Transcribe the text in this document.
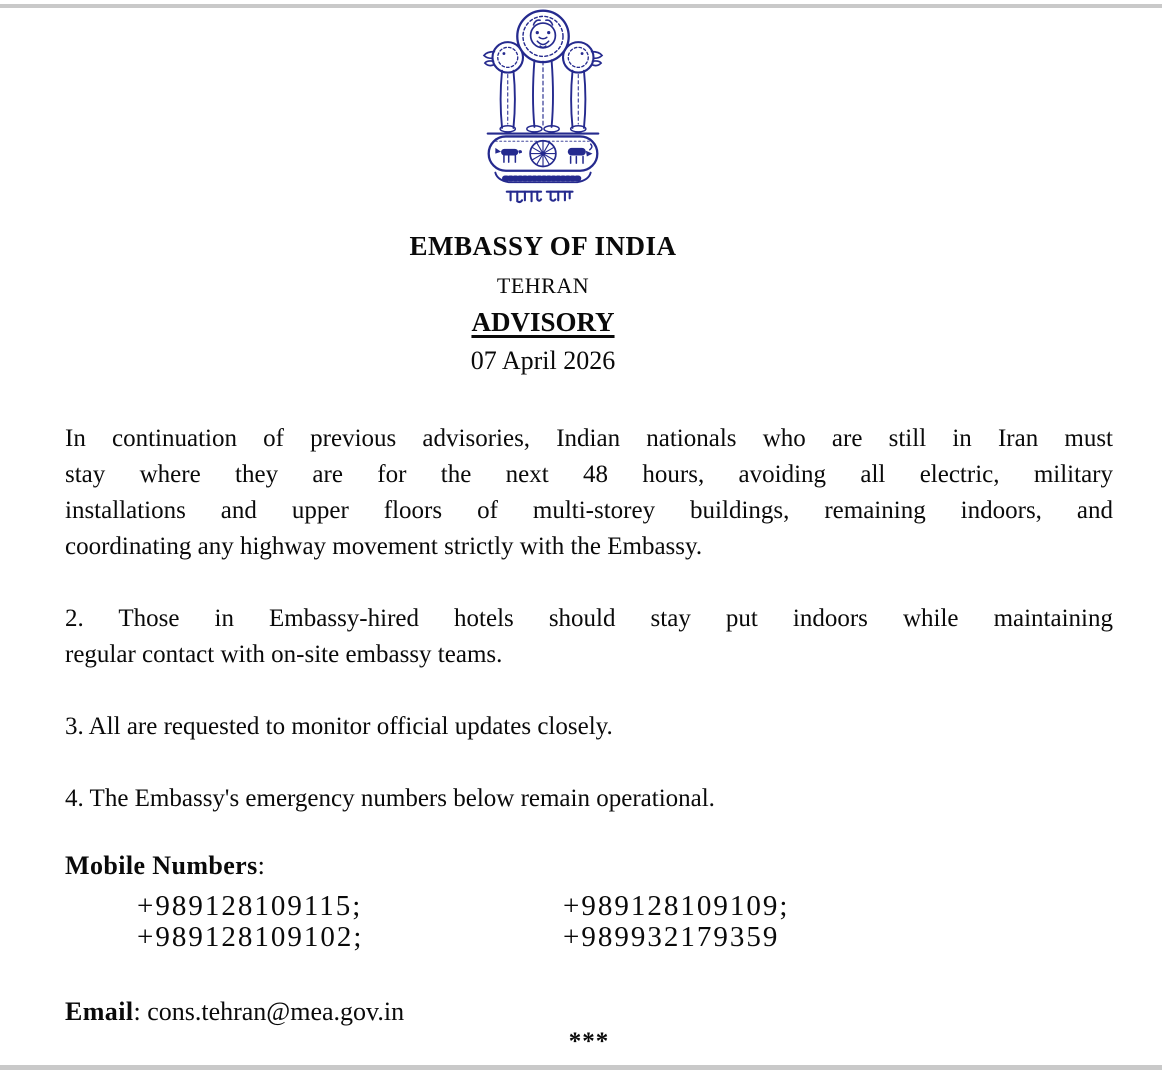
EMBASSY OF INDIA
TEHRAN
ADVISORY
07 April 2026

In continuation of previous advisories, Indian nationals who are still in Iran must
stay where they are for the next 48 hours, avoiding all electric, military
installations and upper floors of multi-storey buildings, remaining indoors, and
coordinating any highway movement strictly with the Embassy.

2. Those in Embassy-hired hotels should stay put indoors while maintaining
regular contact with on-site embassy teams.

3. All are requested to monitor official updates closely.

4. The Embassy's emergency numbers below remain operational.

Mobile Numbers:
+989128109115;	+989128109109;
+989128109102;	+989932179359
Email: cons.tehran@mea.gov.in
***
